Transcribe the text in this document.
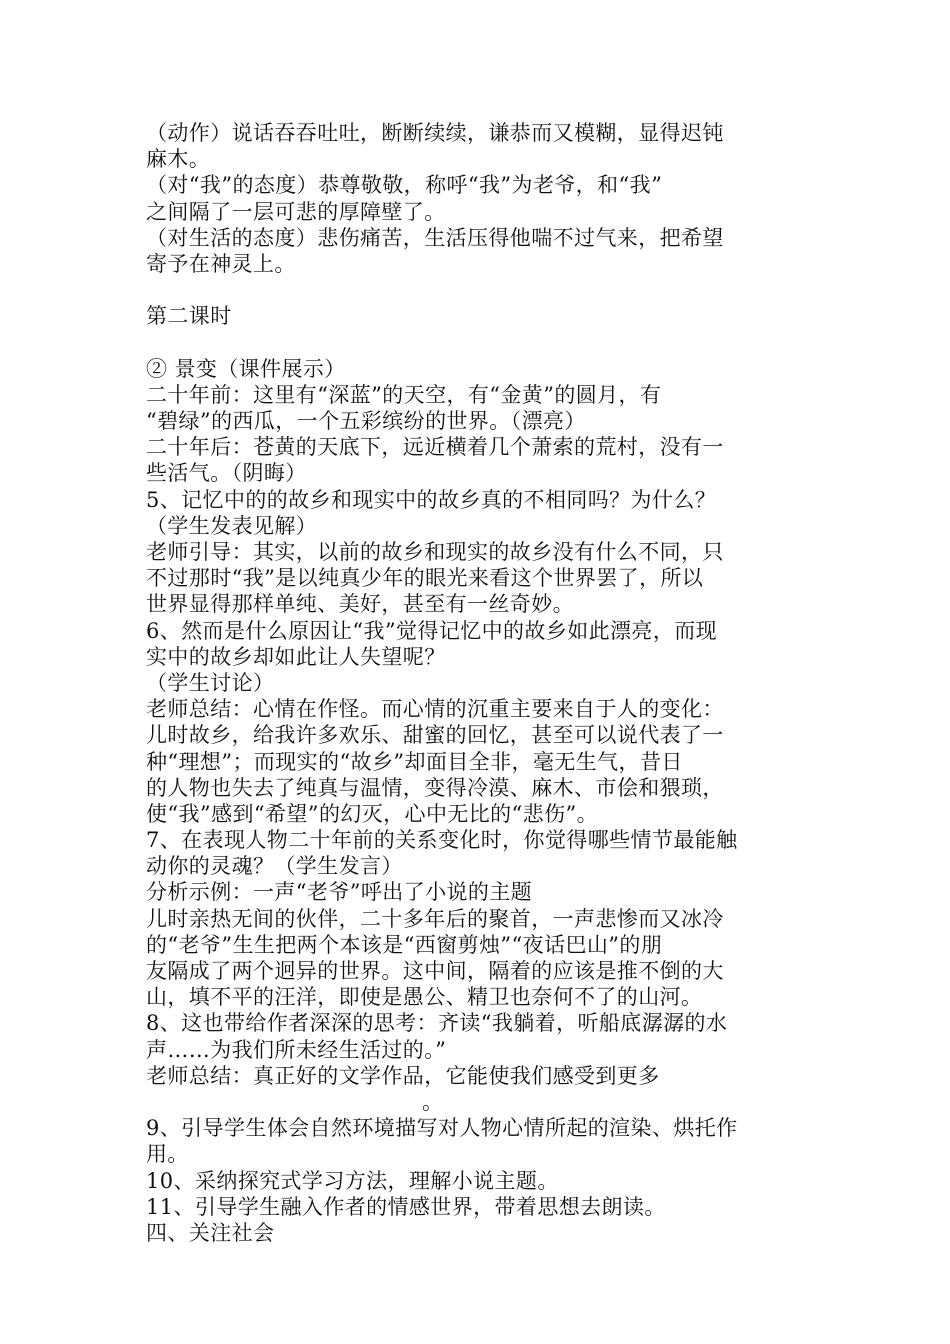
（动作）说话吞吞吐吐，断断续续，谦恭而又模糊，显得迟钝
麻木。
（对“我”的态度）恭尊敬敬，称呼“我”为老爷，和“我”
之间隔了一层可悲的厚障壁了。
（对生活的态度）悲伤痛苦，生活压得他喘不过气来，把希望
寄予在神灵上。
第二课时
② 景变（课件展示）
二十年前：这里有“深蓝”的天空，有“金黄”的圆月，有
“碧绿”的西瓜，一个五彩缤纷的世界。（漂亮）
二十年后：苍黄的天底下，远近横着几个萧索的荒村，没有一
些活气。（阴晦）
5、记忆中的的故乡和现实中的故乡真的不相同吗？为什么？
（学生发表见解）
老师引导：其实，以前的故乡和现实的故乡没有什么不同，只
不过那时“我”是以纯真少年的眼光来看这个世界罢了，所以
世界显得那样单纯、美好，甚至有一丝奇妙。
6、然而是什么原因让“我”觉得记忆中的故乡如此漂亮，而现
实中的故乡却如此让人失望呢？
（学生讨论）
老师总结：心情在作怪。而心情的沉重主要来自于人的变化：
儿时故乡，给我许多欢乐、甜蜜的回忆，甚至可以说代表了一
种“理想”；而现实的“故乡”却面目全非，毫无生气，昔日
的人物也失去了纯真与温情，变得冷漠、麻木、市侩和猥琐，
使“我”感到“希望”的幻灭，心中无比的“悲伤”。
7、在表现人物二十年前的关系变化时，你觉得哪些情节最能触
动你的灵魂？（学生发言）
分析示例：一声“老爷”呼出了小说的主题
儿时亲热无间的伙伴，二十多年后的聚首，一声悲惨而又冰冷
的“老爷”生生把两个本该是“西窗剪烛”“夜话巴山”的朋
友隔成了两个迥异的世界。这中间，隔着的应该是推不倒的大
山，填不平的汪洋，即使是愚公、精卫也奈何不了的山河。
8、这也带给作者深深的思考：齐读“我躺着，听船底潺潺的水
声……为我们所未经生活过的。”
老师总结：真正好的文学作品，它能使我们感受到更多
。
9、引导学生体会自然环境描写对人物心情所起的渲染、烘托作
用。
10、采纳探究式学习方法，理解小说主题。
11、引导学生融入作者的情感世界，带着思想去朗读。
四、关注社会
